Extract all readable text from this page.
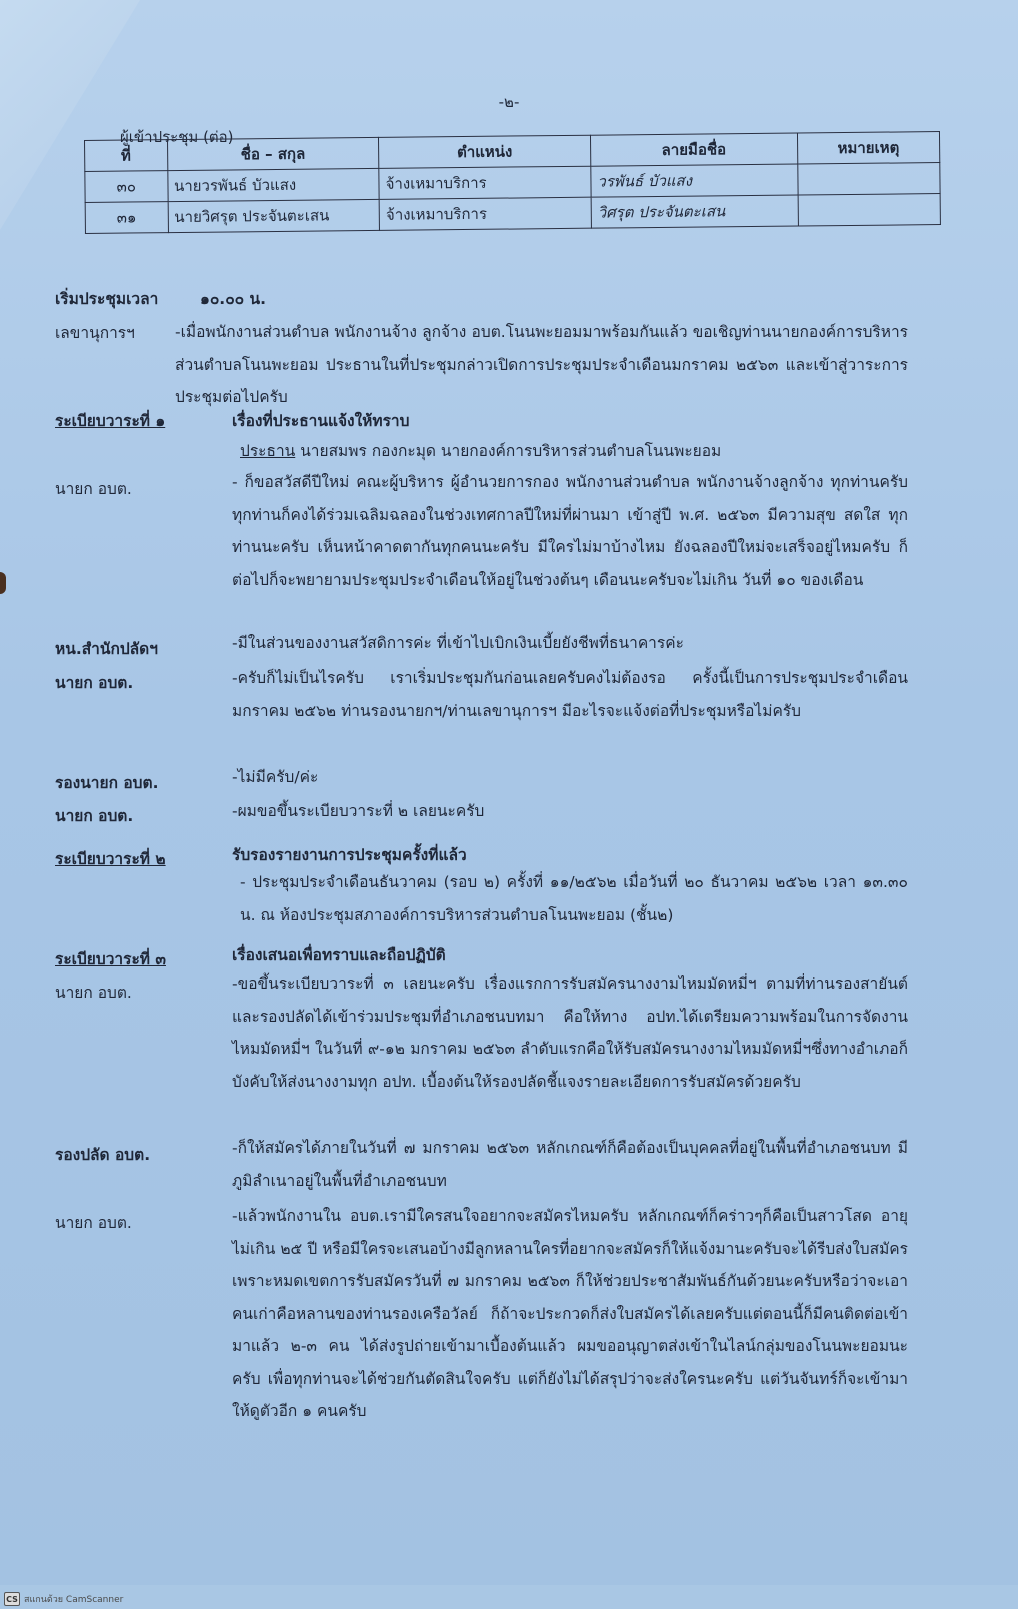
-๒-
ผู้เข้าประชุม (ต่อ)
ที่	ชื่อ – สกุล	ตำแหน่ง	ลายมือชื่อ	หมายเหตุ
๓๐	นายวรพันธ์ บัวแสง	จ้างเหมาบริการ	วรพันธ์ บัวแสง	
๓๑	นายวิศรุต ประจันตะเสน	จ้างเหมาบริการ	วิศรุต ประจันตะเสน	
เริ่มประชุมเวลา	๑๐.๐๐ น.
เลขานุการฯ	-เมื่อพนักงานส่วนตำบล พนักงานจ้าง ลูกจ้าง อบต.โนนพะยอมมาพร้อมกันแล้ว ขอเชิญท่านนายกองค์การบริหารส่วนตำบลโนนพะยอม ประธานในที่ประชุมกล่าวเปิดการประชุมประจำเดือนมกราคม ๒๕๖๓ และเข้าสู่วาระการประชุมต่อไปครับ
ระเบียบวาระที่ ๑	เรื่องที่ประธานแจ้งให้ทราบ
ประธาน นายสมพร กองกะมุด นายกองค์การบริหารส่วนตำบลโนนพะยอม
นายก อบต.	- ก็ขอสวัสดีปีใหม่ คณะผู้บริหาร ผู้อำนวยการกอง พนักงานส่วนตำบล พนักงานจ้างลูกจ้าง ทุกท่านครับ ทุกท่านก็คงได้ร่วมเฉลิมฉลองในช่วงเทศกาลปีใหม่ที่ผ่านมา เข้าสู่ปี พ.ศ. ๒๕๖๓ มีความสุข สดใส ทุกท่านนะครับ เห็นหน้าคาดตากันทุกคนนะครับ มีใครไม่มาบ้างไหม ยังฉลองปีใหม่จะเสร็จอยู่ไหมครับ ก็ต่อไปก็จะพยายามประชุมประจำเดือนให้อยู่ในช่วงต้นๆ เดือนนะครับจะไม่เกิน วันที่ ๑๐ ของเดือน
หน.สำนักปลัดฯ	-มีในส่วนของงานสวัสดิการค่ะ ที่เข้าไปเบิกเงินเบี้ยยังชีพที่ธนาคารค่ะ
นายก อบต.	-ครับก็ไม่เป็นไรครับ เราเริ่มประชุมกันก่อนเลยครับคงไม่ต้องรอ ครั้งนี้เป็นการประชุมประจำเดือนมกราคม ๒๕๖๒ ท่านรองนายกฯ/ท่านเลขานุการฯ มีอะไรจะแจ้งต่อที่ประชุมหรือไม่ครับ
รองนายก อบต.	-ไม่มีครับ/ค่ะ
นายก อบต.	-ผมขอขึ้นระเบียบวาระที่ ๒ เลยนะครับ
ระเบียบวาระที่ ๒	รับรองรายงานการประชุมครั้งที่แล้ว
- ประชุมประจำเดือนธันวาคม (รอบ ๒) ครั้งที่ ๑๑/๒๕๖๒ เมื่อวันที่ ๒๐ ธันวาคม ๒๕๖๒ เวลา ๑๓.๓๐ น. ณ ห้องประชุมสภาองค์การบริหารส่วนตำบลโนนพะยอม (ชั้น๒)
ระเบียบวาระที่ ๓	เรื่องเสนอเพื่อทราบและถือปฏิบัติ
นายก อบต.	-ขอขึ้นระเบียบวาระที่ ๓ เลยนะครับ เรื่องแรกการรับสมัครนางงามไหมมัดหมี่ฯ ตามที่ท่านรองสายันต์และรองปลัดได้เข้าร่วมประชุมที่อำเภอชนบทมา คือให้ทาง อปท.ได้เตรียมความพร้อมในการจัดงานไหมมัดหมี่ฯ ในวันที่ ๙-๑๒ มกราคม ๒๕๖๓ ลำดับแรกคือให้รับสมัครนางงามไหมมัดหมี่ฯซึ่งทางอำเภอก็บังคับให้ส่งนางงามทุก อปท. เบื้องต้นให้รองปลัดชี้แจงรายละเอียดการรับสมัครด้วยครับ
รองปลัด อบต.	-ก็ให้สมัครได้ภายในวันที่ ๗ มกราคม ๒๕๖๓ หลักเกณฑ์ก็คือต้องเป็นบุคคลที่อยู่ในพื้นที่อำเภอชนบท มีภูมิลำเนาอยู่ในพื้นที่อำเภอชนบท
นายก อบต.	-แล้วพนักงานใน อบต.เรามีใครสนใจอยากจะสมัครไหมครับ หลักเกณฑ์ก็คร่าวๆก็คือเป็นสาวโสด อายุไม่เกิน ๒๕ ปี หรือมีใครจะเสนอบ้างมีลูกหลานใครที่อยากจะสมัครก็ให้แจ้งมานะครับจะได้รีบส่งใบสมัคร เพราะหมดเขตการรับสมัครวันที่ ๗ มกราคม ๒๕๖๓ ก็ให้ช่วยประชาสัมพันธ์กันด้วยนะครับหรือว่าจะเอาคนเก่าคือหลานของท่านรองเครือวัลย์ ก็ถ้าจะประกวดก็ส่งใบสมัครได้เลยครับแต่ตอนนี้ก็มีคนติดต่อเข้ามาแล้ว ๒-๓ คน ได้ส่งรูปถ่ายเข้ามาเบื้องต้นแล้ว ผมขออนุญาตส่งเข้าในไลน์กลุ่มของโนนพะยอมนะครับ เพื่อทุกท่านจะได้ช่วยกันตัดสินใจครับ แต่ก็ยังไม่ได้สรุปว่าจะส่งใครนะครับ แต่วันจันทร์ก็จะเข้ามาให้ดูตัวอีก ๑ คนครับ
CS สแกนด้วย CamScanner
